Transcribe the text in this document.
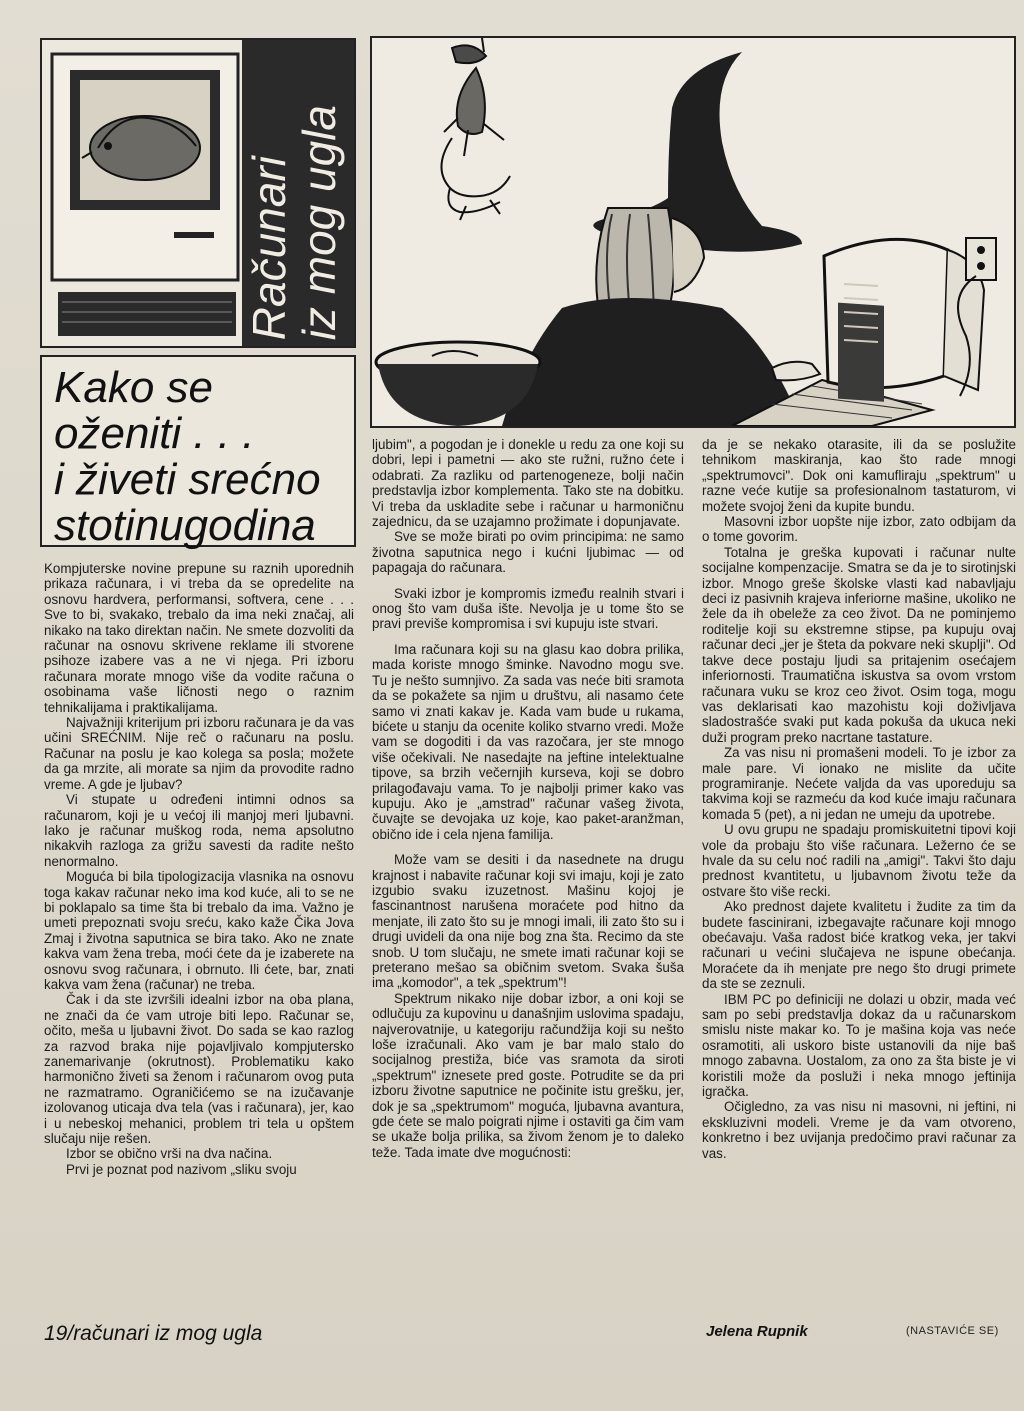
Računari
iz mog ugla
Kako se
oženiti . . .
i živeti srećno
stotinugodina

Kompjuterske novine prepune su raznih uporednih prikaza računara, i vi treba da se opredelite na osnovu hardvera, performansi, softvera, cene . . . Sve to bi, svakako, trebalo da ima neki značaj, ali nikako na tako direktan način. Ne smete dozvoliti da računar na osnovu skrivene reklame ili stvorene psihoze izabere vas a ne vi njega. Pri izboru računara morate mnogo više da vodite računa o osobinama vaše ličnosti nego o raznim tehnikalijama i praktikalijama.

Najvažniji kriterijum pri izboru računara je da vas učini SREĆNIM. Nije reč o računaru na poslu. Računar na poslu je kao kolega sa posla; možete da ga mrzite, ali morate sa njim da provodite radno vreme. A gde je ljubav?

Vi stupate u određeni intimni odnos sa računarom, koji je u većoj ili manjoj meri ljubavni. Iako je računar muškog roda, nema apsolutno nikakvih razloga za grižu savesti da radite nešto nenormalno.

Moguća bi bila tipologizacija vlasnika na osnovu toga kakav računar neko ima kod kuće, ali to se ne bi poklapalo sa time šta bi trebalo da ima. Važno je umeti prepoznati svoju sreću, kako kaže Čika Jova Zmaj i životna saputnica se bira tako. Ako ne znate kakva vam žena treba, moći ćete da je izaberete na osnovu svog računara, i obrnuto. Ili ćete, bar, znati kakva vam žena (računar) ne treba.

Čak i da ste izvršili idealni izbor na oba plana, ne znači da će vam utroje biti lepo. Računar se, očito, meša u ljubavni život. Do sada se kao razlog za razvod braka nije pojavljivalo kompjutersko zanemarivanje (okrutnost). Problematiku kako harmonično živeti sa ženom i računarom ovog puta ne razmatramo. Ograničićemo se na izučavanje izolovanog uticaja dva tela (vas i računara), jer, kao i u nebeskoj mehanici, problem tri tela u opštem slučaju nije rešen.

Izbor se obično vrši na dva načina.

Prvi je poznat pod nazivom „sliku svoju

ljubim", a pogodan je i donekle u redu za one koji su dobri, lepi i pametni — ako ste ružni, ružno ćete i odabrati. Za razliku od partenogeneze, bolji način predstavlja izbor komplementa. Tako ste na dobitku. Vi treba da uskladite sebe i računar u harmoničnu zajednicu, da se uzajamno prožimate i dopunjavate.

Sve se može birati po ovim principima: ne samo životna saputnica nego i kućni ljubimac — od papagaja do računara.

Svaki izbor je kompromis između realnih stvari i onog što vam duša ište. Nevolja je u tome što se pravi previše kompromisa i svi kupuju iste stvari.

Ima računara koji su na glasu kao dobra prilika, mada koriste mnogo šminke. Navodno mogu sve. Tu je nešto sumnjivo. Za sada vas neće biti sramota da se pokažete sa njim u društvu, ali nasamo ćete samo vi znati kakav je. Kada vam bude u rukama, bićete u stanju da ocenite koliko stvarno vredi. Može vam se dogoditi i da vas razočara, jer ste mnogo više očekivali. Ne nasedajte na jeftine intelektualne tipove, sa brzih večernjih kurseva, koji se dobro prilagođavaju vama. To je najbolji primer kako vas kupuju. Ako je „amstrad" računar vašeg života, čuvajte se devojaka uz koje, kao paket-aranžman, obično ide i cela njena familija.

Može vam se desiti i da nasednete na drugu krajnost i nabavite računar koji svi imaju, koji je zato izgubio svaku izuzetnost. Mašinu kojoj je fascinantnost narušena moraćete pod hitno da menjate, ili zato što su je mnogi imali, ili zato što su i drugi uvideli da ona nije bog zna šta. Recimo da ste snob. U tom slučaju, ne smete imati računar koji se preterano mešao sa običnim svetom. Svaka šuša ima „komodor", a tek „spektrum"!

Spektrum nikako nije dobar izbor, a oni koji se odlučuju za kupovinu u današnjim uslovima spadaju, najverovatnije, u kategoriju račundžija koji su nešto loše izračunali. Ako vam je bar malo stalo do socijalnog prestiža, biće vas sramota da siroti „spektrum" iznesete pred goste. Potrudite se da pri izboru životne saputnice ne počinite istu grešku, jer, dok je sa „spektrumom" moguća, ljubavna avantura, gde ćete se malo poigrati njime i ostaviti ga čim vam se ukaže bolja prilika, sa živom ženom je to daleko teže. Tada imate dve mogućnosti:

da je se nekako otarasite, ili da se poslužite tehnikom maskiranja, kao što rade mnogi „spektrumovci". Dok oni kamufliraju „spektrum" u razne veće kutije sa profesionalnom tastaturom, vi možete svojoj ženi da kupite bundu.

Masovni izbor uopšte nije izbor, zato odbijam da o tome govorim.

Totalna je greška kupovati i računar nulte socijalne kompenzacije. Smatra se da je to sirotinjski izbor. Mnogo greše školske vlasti kad nabavljaju deci iz pasivnih krajeva inferiorne mašine, ukoliko ne žele da ih obeleže za ceo život. Da ne pominjemo roditelje koji su ekstremne stipse, pa kupuju ovaj računar deci „jer je šteta da pokvare neki skuplji". Od takve dece postaju ljudi sa pritajenim osećajem inferiornosti. Traumatična iskustva sa ovom vrstom računara vuku se kroz ceo život. Osim toga, mogu vas deklarisati kao mazohistu koji doživljava sladostrašće svaki put kada pokuša da ukuca neki duži program preko nacrtane tastature.

Za vas nisu ni promašeni modeli. To je izbor za male pare. Vi ionako ne mislite da učite programiranje. Nećete valjda da vas uporeduju sa takvima koji se razmeću da kod kuće imaju računara komada 5 (pet), a ni jedan ne umeju da upotrebe.

U ovu grupu ne spadaju promiskuitetni tipovi koji vole da probaju što više računara. Ležerno će se hvale da su celu noć radili na „amigi". Takvi što daju prednost kvantitetu, u ljubavnom životu teže da ostvare što više recki.

Ako prednost dajete kvalitetu i žudite za tim da budete fascinirani, izbegavajte računare koji mnogo obećavaju. Vaša radost biće kratkog veka, jer takvi računari u većini slučajeva ne ispune obećanja. Moraćete da ih menjate pre nego što drugi primete da ste se zeznuli.

IBM PC po definiciji ne dolazi u obzir, mada već sam po sebi predstavlja dokaz da u računarskom smislu niste makar ko. To je mašina koja vas neće osramotiti, ali uskoro biste ustanovili da nije baš mnogo zabavna. Uostalom, za ono za šta biste je vi koristili može da posluži i neka mnogo jeftinija igračka.

Očigledno, za vas nisu ni masovni, ni jeftini, ni ekskluzivni modeli. Vreme je da vam otvoreno, konkretno i bez uvijanja predočimo pravi računar za vas.

19/računari iz mog ugla	Jelena Rupnik	(NASTAVIĆE SE)
